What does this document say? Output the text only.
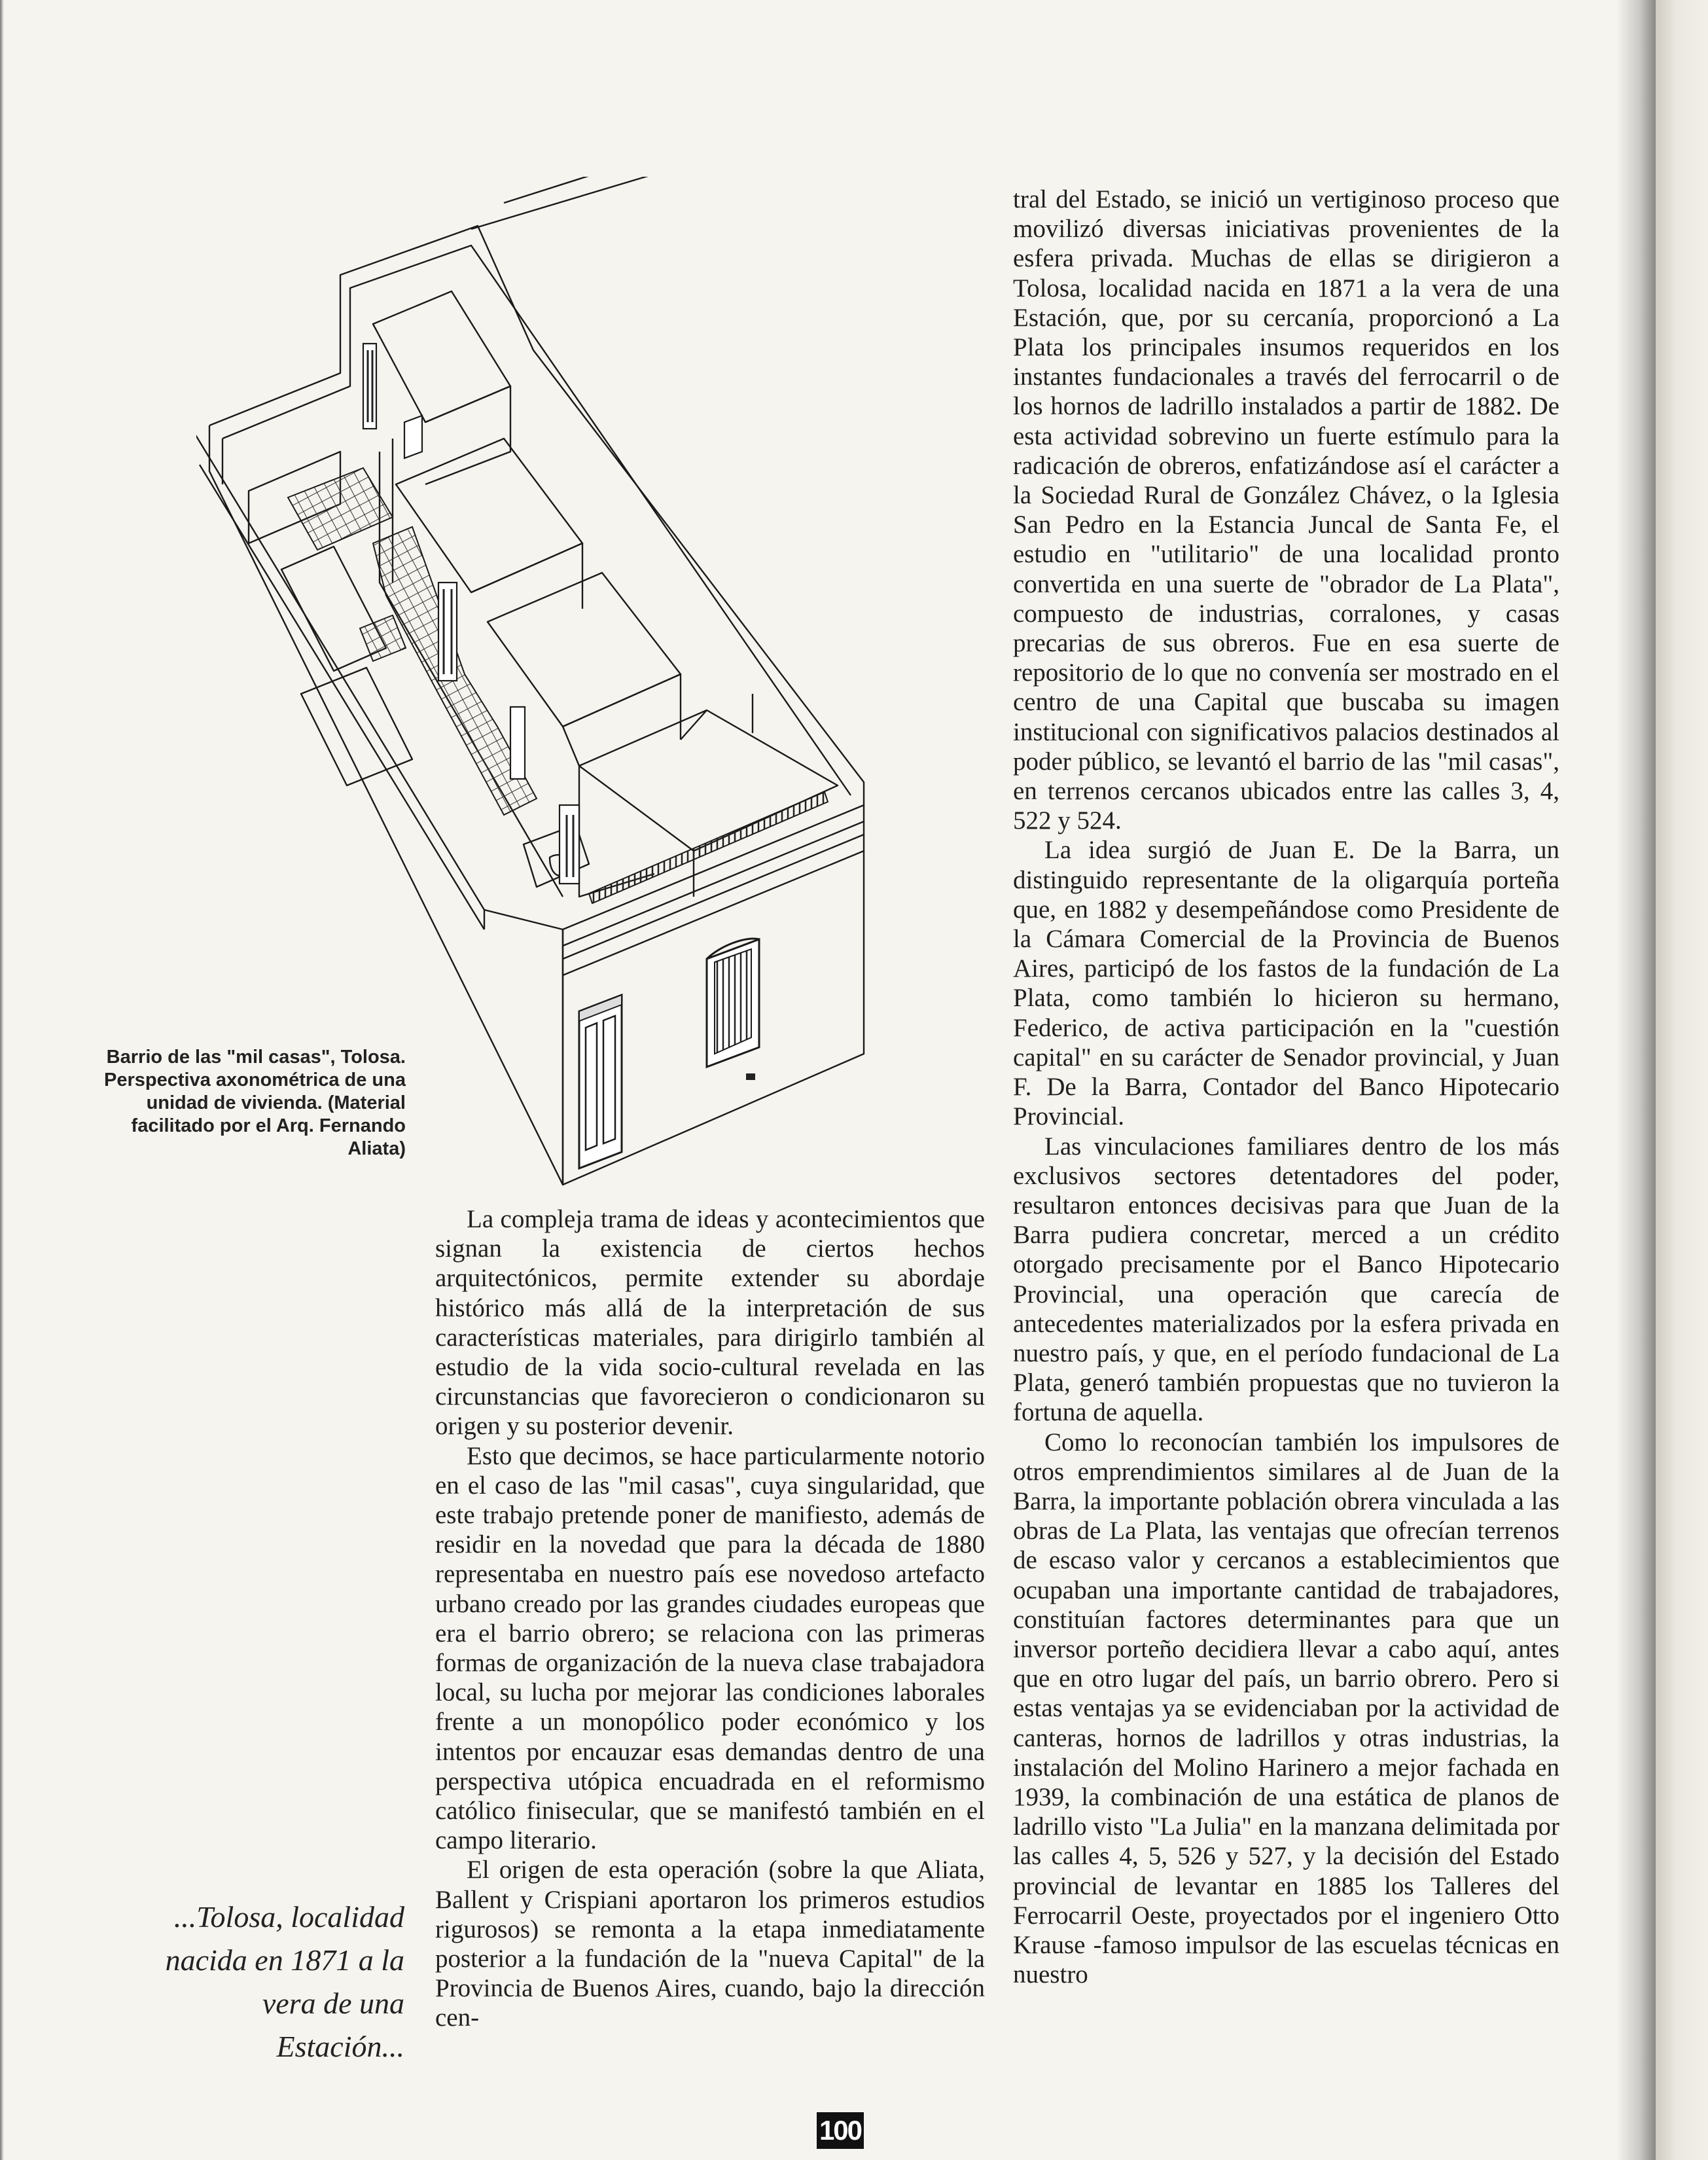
Barrio de las "mil casas", Tolosa. Perspectiva axonométrica de una unidad de vivienda. (Material facilitado por el Arq. Fernando Aliata)
...Tolosa, localidad nacida en 1871 a la vera de una Estación...

La compleja trama de ideas y acontecimientos que signan la existencia de ciertos hechos arquitectónicos, permite extender su abordaje histórico más allá de la interpretación de sus características materiales, para dirigirlo también al estudio de la vida socio-cultural revelada en las circunstancias que favorecieron o condicionaron su origen y su posterior devenir.

Esto que decimos, se hace particularmente notorio en el caso de las "mil casas", cuya singularidad, que este trabajo pretende poner de manifiesto, además de residir en la novedad que para la década de 1880 representaba en nuestro país ese novedoso artefacto urbano creado por las grandes ciudades europeas que era el barrio obrero; se relaciona con las primeras formas de organización de la nueva clase trabajadora local, su lucha por mejorar las condiciones laborales frente a un monopólico poder económico y los intentos por encauzar esas demandas dentro de una perspectiva utópica encuadrada en el reformismo católico finisecular, que se manifestó también en el campo literario.

El origen de esta operación (sobre la que Aliata, Ballent y Crispiani aportaron los primeros estudios rigurosos) se remonta a la etapa inmediatamente posterior a la fundación de la "nueva Capital" de la Provincia de Buenos Aires, cuando, bajo la dirección cen-

tral del Estado, se inició un vertiginoso proceso que movilizó diversas iniciativas provenientes de la esfera privada. Muchas de ellas se dirigieron a Tolosa, localidad nacida en 1871 a la vera de una Estación, que, por su cercanía, proporcionó a La Plata los principales insumos requeridos en los instantes fundacionales a través del ferrocarril o de los hornos de ladrillo instalados a partir de 1882. De esta actividad sobrevino un fuerte estímulo para la radicación de obreros, enfatizándose así el carácter a la Sociedad Rural de González Chávez, o la Iglesia San Pedro en la Estancia Juncal de Santa Fe, el estudio en "utilitario" de una localidad pronto convertida en una suerte de "obrador de La Plata", compuesto de industrias, corralones, y casas precarias de sus obreros. Fue en esa suerte de repositorio de lo que no convenía ser mostrado en el centro de una Capital que buscaba su imagen institucional con significativos palacios destinados al poder público, se levantó el barrio de las "mil casas", en terrenos cercanos ubicados entre las calles 3, 4, 522 y 524.

La idea surgió de Juan E. De la Barra, un distinguido representante de la oligarquía porteña que, en 1882 y desempeñándose como Presidente de la Cámara Comercial de la Provincia de Buenos Aires, participó de los fastos de la fundación de La Plata, como también lo hicieron su hermano, Federico, de activa participación en la "cuestión capital" en su carácter de Senador provincial, y Juan F. De la Barra, Contador del Banco Hipotecario Provincial.

Las vinculaciones familiares dentro de los más exclusivos sectores detentadores del poder, resultaron entonces decisivas para que Juan de la Barra pudiera concretar, merced a un crédito otorgado precisamente por el Banco Hipotecario Provincial, una operación que carecía de antecedentes materializados por la esfera privada en nuestro país, y que, en el período fundacional de La Plata, generó también propuestas que no tuvieron la fortuna de aquella.

Como lo reconocían también los impulsores de otros emprendimientos similares al de Juan de la Barra, la importante población obrera vinculada a las obras de La Plata, las ventajas que ofrecían terrenos de escaso valor y cercanos a establecimientos que ocupaban una importante cantidad de trabajadores, constituían factores determinantes para que un inversor porteño decidiera llevar a cabo aquí, antes que en otro lugar del país, un barrio obrero. Pero si estas ventajas ya se evidenciaban por la actividad de canteras, hornos de ladrillos y otras industrias, la instalación del Molino Harinero a mejor fachada en 1939, la combinación de una estática de planos de ladrillo visto "La Julia" en la manzana delimitada por las calles 4, 5, 526 y 527, y la decisión del Estado provincial de levantar en 1885 los Talleres del Ferrocarril Oeste, proyectados por el ingeniero Otto Krause -famoso impulsor de las escuelas técnicas en nuestro

100
